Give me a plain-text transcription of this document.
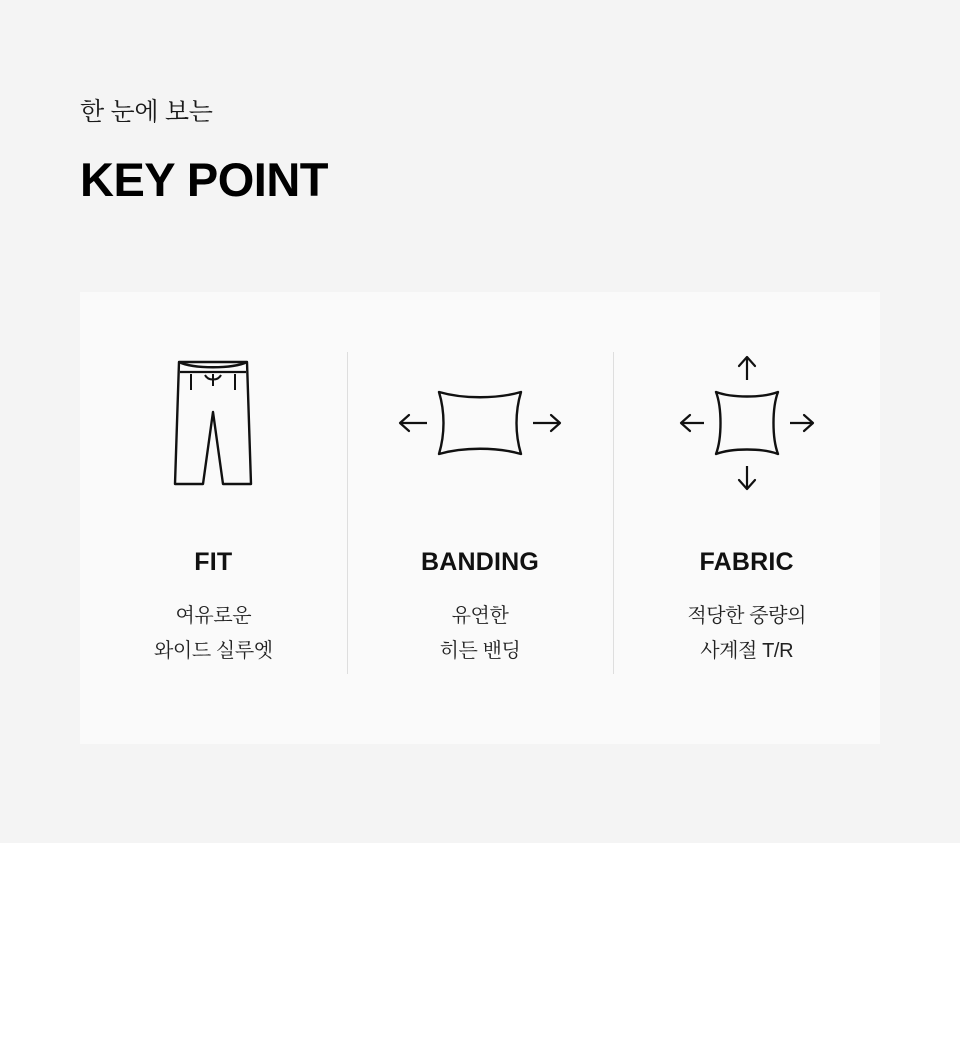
한 눈에 보는

KEY POINT
FIT
여유로운
와이드 실루엣
BANDING
유연한
히든 밴딩
FABRIC
적당한 중량의
사계절 T/R
